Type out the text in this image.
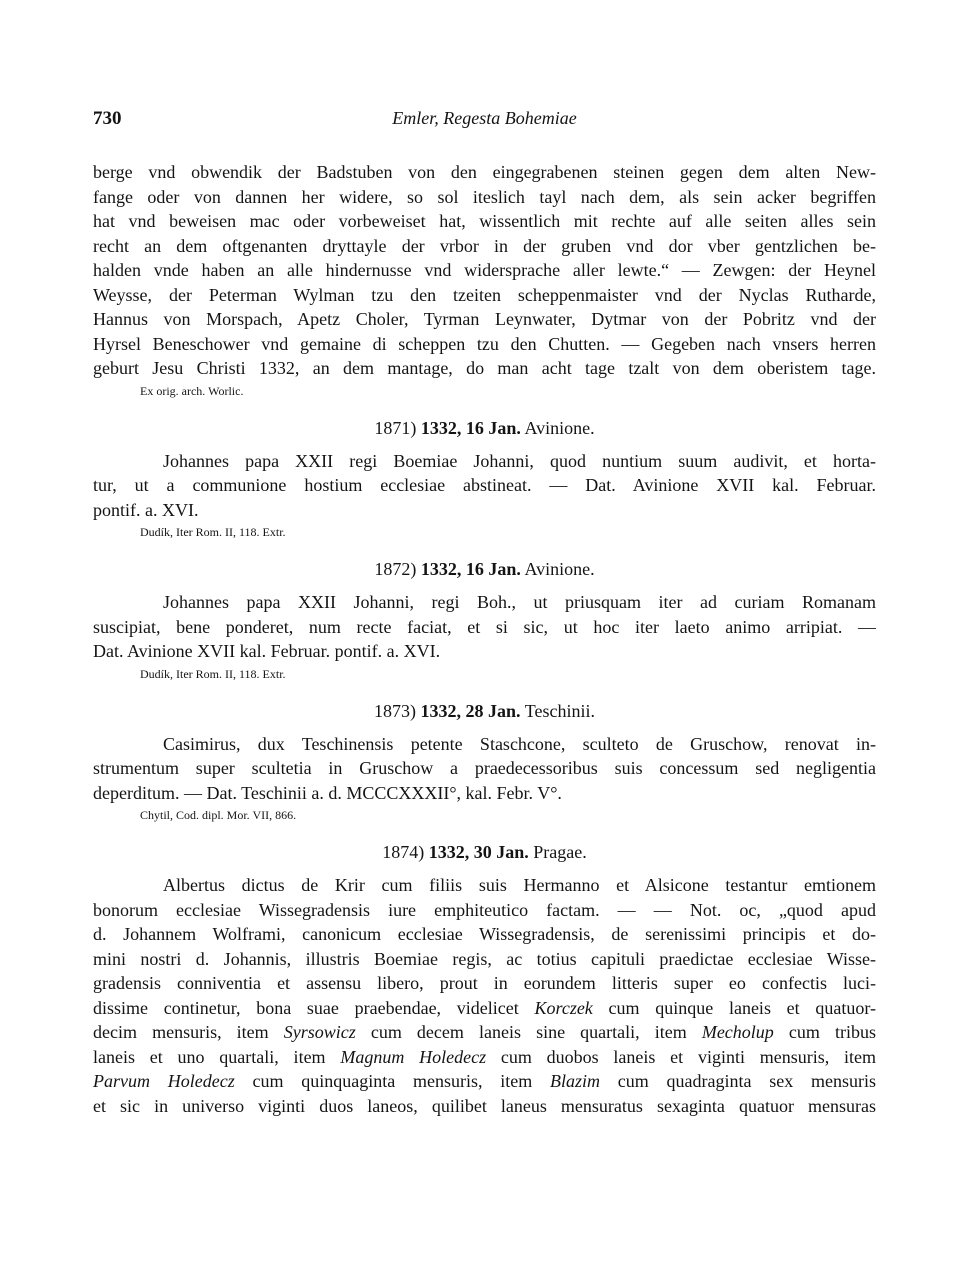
730	Emler, Regesta Bohemiae
berge vnd obwendik der Badstuben von den eingegrabenen steinen gegen dem alten New-
fange oder von dannen her widere, so sol iteslich tayl nach dem, als sein acker begriffen
hat vnd beweisen mac oder vorbeweiset hat, wissentlich mit rechte auf alle seiten alles sein
recht an dem oftgenanten dryttayle der vrbor in der gruben vnd dor vber gentzlichen be-
halden vnde haben an alle hindernusse vnd widersprache aller lewte.“ — Zewgen: der Heynel
Weysse, der Peterman Wylman tzu den tzeiten scheppenmaister vnd der Nyclas Rutharde,
Hannus von Morspach, Apetz Choler, Tyrman Leynwater, Dytmar von der Pobritz vnd der
Hyrsel Beneschower vnd gemaine di scheppen tzu den Chutten. — Gegeben nach vnsers herren
geburt Jesu Christi 1332, an dem mantage, do man acht tage tzalt von dem oberistem tage.
Ex orig. arch. Worlic.
1871) 1332, 16 Jan. Avinione.
Johannes papa XXII regi Boemiae Johanni, quod nuntium suum audivit, et horta-
tur, ut a communione hostium ecclesiae abstineat. — Dat. Avinione XVII kal. Februar.
pontif. a. XVI.
Dudík, Iter Rom. II, 118. Extr.
1872) 1332, 16 Jan. Avinione.
Johannes papa XXII Johanni, regi Boh., ut priusquam iter ad curiam Romanam
suscipiat, bene ponderet, num recte faciat, et si sic, ut hoc iter laeto animo arripiat. —
Dat. Avinione XVII kal. Februar. pontif. a. XVI.
Dudík, Iter Rom. II, 118. Extr.
1873) 1332, 28 Jan. Teschinii.
Casimirus, dux Teschinensis petente Staschcone, sculteto de Gruschow, renovat in-
strumentum super scultetia in Gruschow a praedecessoribus suis concessum sed negligentia
deperditum. — Dat. Teschinii a. d. MCCCXXXII°, kal. Febr. V°.
Chytil, Cod. dipl. Mor. VII, 866.
1874) 1332, 30 Jan. Pragae.
Albertus dictus de Krir cum filiis suis Hermanno et Alsicone testantur emtionem
bonorum ecclesiae Wissegradensis iure emphiteutico factam. — — Not. oc, „quod apud
d. Johannem Wolframi, canonicum ecclesiae Wissegradensis, de serenissimi principis et do-
mini nostri d. Johannis, illustris Boemiae regis, ac totius capituli praedictae ecclesiae Wisse-
gradensis conniventia et assensu libero, prout in eorundem litteris super eo confectis luci-
dissime continetur, bona suae praebendae, videlicet Korczek cum quinque laneis et quatuor-
decim mensuris, item Syrsowicz cum decem laneis sine quartali, item Mecholup cum tribus
laneis et uno quartali, item Magnum Holedecz cum duobos laneis et viginti mensuris, item
Parvum Holedecz cum quinquaginta mensuris, item Blazim cum quadraginta sex mensuris
et sic in universo viginti duos laneos, quilibet laneus mensuratus sexaginta quatuor mensuras
